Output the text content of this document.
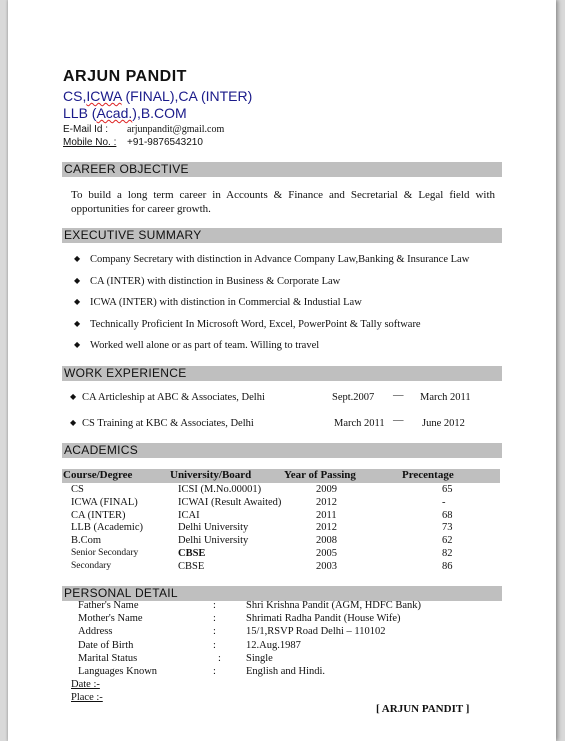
ARJUN PANDIT
CS,ICWA (FINAL),CA (INTER)
LLB (Acad.),B.COM
E-Mail Id : arjunpandit@gmail.com
Mobile No. : +91-9876543210
CAREER OBJECTIVE
To build a long term career in Accounts & Finance and Secretarial & Legal field with opportunities for career growth.
EXECUTIVE SUMMARY
◆ Company Secretary with distinction in Advance Company Law,Banking & Insurance Law
◆ CA (INTER) with distinction in Business & Corporate Law
◆ ICWA (INTER) with distinction in Commercial & Industial Law
◆ Technically Proficient In Microsoft Word, Excel, PowerPoint & Tally software
◆ Worked well alone or as part of team. Willing to travel
WORK EXPERIENCE
◆ CA Articleship at ABC & Associates, Delhi	Sept.2007 — March 2011
◆ CS Training at KBC & Associates, Delhi	March 2011 — June 2012
ACADEMICS
Course/Degree	University/Board	Year of Passing	Precentage
CS	ICSI (M.No.00001)	2009	65
ICWA (FINAL)	ICWAI (Result Awaited)	2012	-
CA (INTER)	ICAI	2011	68
LLB (Academic)	Delhi University	2012	73
B.Com	Delhi University	2008	62
Senior Secondary	CBSE	2005	82
Secondary	CBSE	2003	86
PERSONAL DETAIL
Father's Name	:	Shri Krishna Pandit (AGM, HDFC Bank)
Mother's Name	:	Shrimati Radha Pandit (House Wife)
Address	:	15/1,RSVP Road Delhi – 110102
Date of Birth	:	12.Aug.1987
Marital Status	: Single
Languages Known	:	English and Hindi.
Date :-
Place :-
[ ARJUN PANDIT ]
